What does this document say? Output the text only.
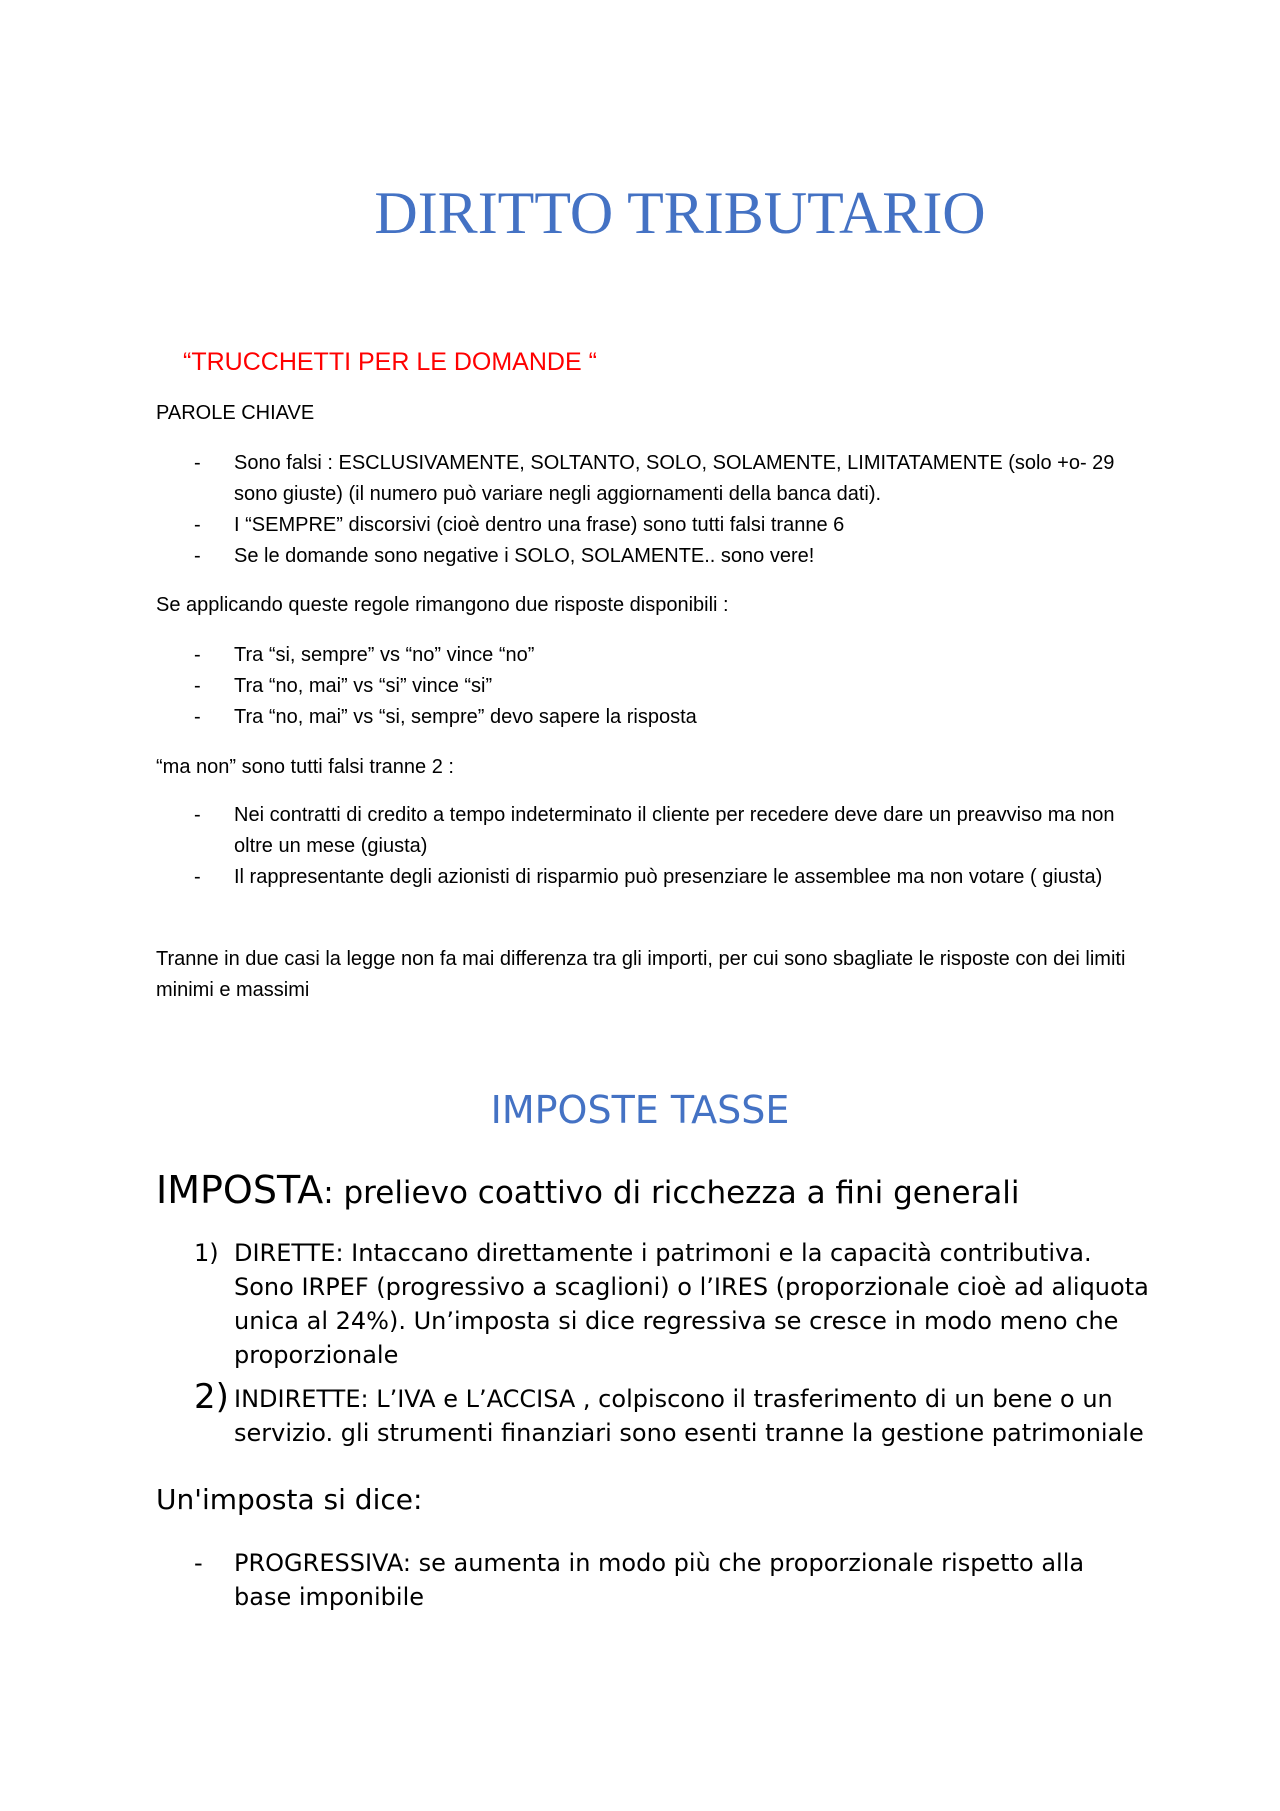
DIRITTO TRIBUTARIO
“TRUCCHETTI PER LE DOMANDE “
PAROLE CHIAVE
- Sono falsi : ESCLUSIVAMENTE, SOLTANTO, SOLO, SOLAMENTE, LIMITATAMENTE (solo +o- 29 sono giuste) (il numero può variare negli aggiornamenti della banca dati).
- I “SEMPRE” discorsivi (cioè dentro una frase) sono tutti falsi tranne 6
- Se le domande sono negative i SOLO, SOLAMENTE.. sono vere!
Se applicando queste regole rimangono due risposte disponibili :
- Tra “si, sempre” vs “no” vince “no”
- Tra “no, mai” vs “si” vince “si”
- Tra “no, mai” vs “si, sempre” devo sapere la risposta
“ma non” sono tutti falsi tranne 2 :
- Nei contratti di credito a tempo indeterminato il cliente per recedere deve dare un preavviso ma non oltre un mese (giusta)
- Il rappresentante degli azionisti di risparmio può presenziare le assemblee ma non votare ( giusta)
Tranne in due casi la legge non fa mai differenza tra gli importi, per cui sono sbagliate le risposte con dei limiti minimi e massimi
IMPOSTE TASSE
IMPOSTA: prelievo coattivo di ricchezza a fini generali
1) DIRETTE: Intaccano direttamente i patrimoni e la capacità contributiva. Sono IRPEF (progressivo a scaglioni) o l’IRES (proporzionale cioè ad aliquota unica al 24%). Un’imposta si dice regressiva se cresce in modo meno che proporzionale
2) INDIRETTE: L’IVA e L’ACCISA , colpiscono il trasferimento di un bene o un servizio. gli strumenti finanziari sono esenti tranne la gestione patrimoniale
Un'imposta si dice:
- PROGRESSIVA: se aumenta in modo più che proporzionale rispetto alla base imponibile
